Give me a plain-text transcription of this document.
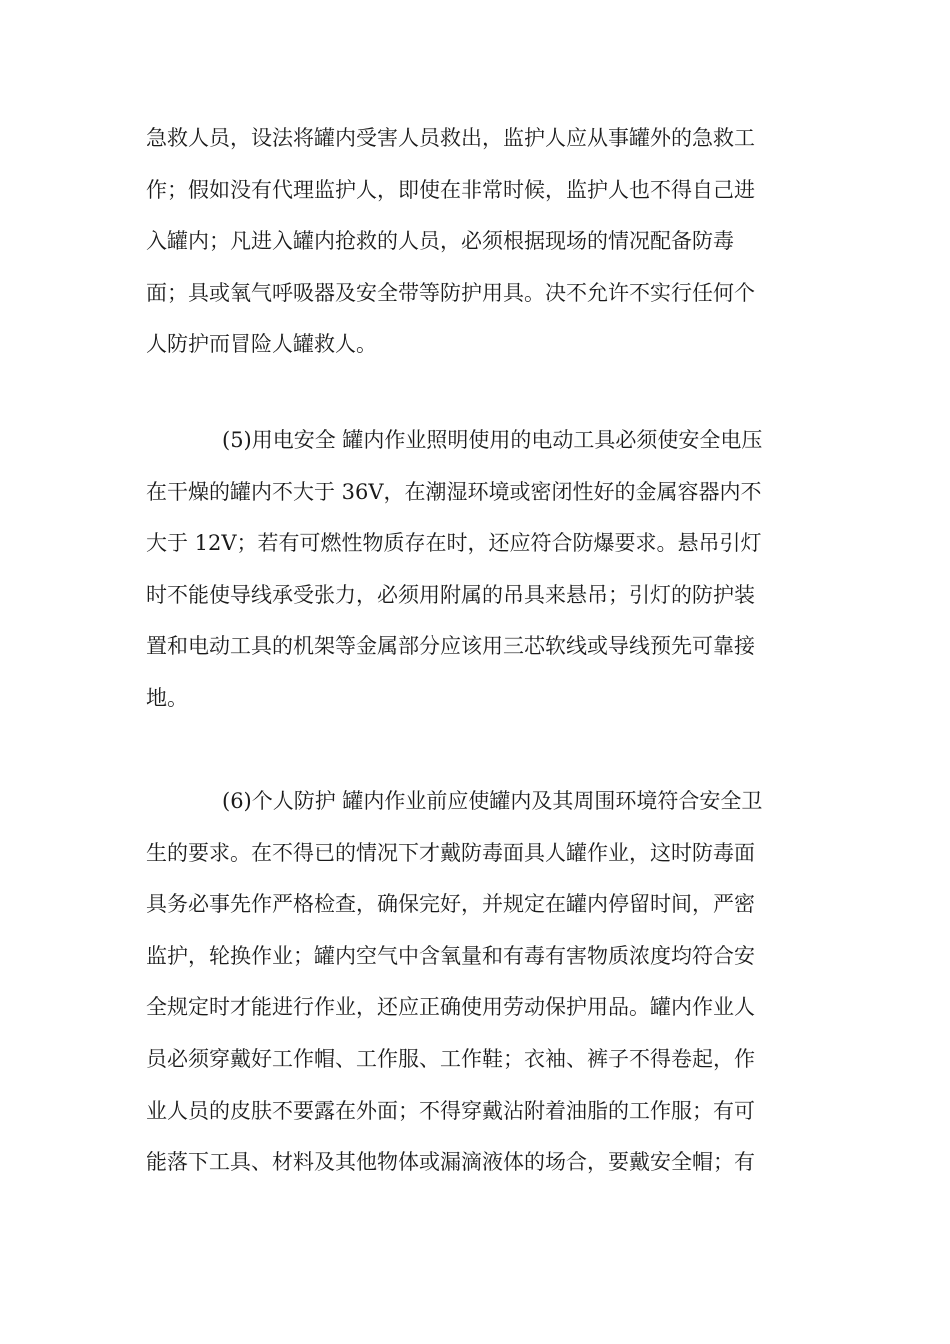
急救人员，设法将罐内受害人员救出，监护人应从事罐外的急救工
作；假如没有代理监护人，即使在非常时候，监护人也不得自己进
入罐内；凡进入罐内抢救的人员，必须根据现场的情况配备防毒
面；具或氧气呼吸器及安全带等防护用具。决不允许不实行任何个
人防护而冒险人罐救人。
(5)用电安全 罐内作业照明使用的电动工具必须使安全电压
在干燥的罐内不大于 36V，在潮湿环境或密闭性好的金属容器内不
大于 12V；若有可燃性物质存在时，还应符合防爆要求。悬吊引灯
时不能使导线承受张力，必须用附属的吊具来悬吊；引灯的防护装
置和电动工具的机架等金属部分应该用三芯软线或导线预先可靠接
地。
(6)个人防护 罐内作业前应使罐内及其周围环境符合安全卫
生的要求。在不得已的情况下才戴防毒面具人罐作业，这时防毒面
具务必事先作严格检查，确保完好，并规定在罐内停留时间，严密
监护，轮换作业；罐内空气中含氧量和有毒有害物质浓度均符合安
全规定时才能进行作业，还应正确使用劳动保护用品。罐内作业人
员必须穿戴好工作帽、工作服、工作鞋；衣袖、裤子不得卷起，作
业人员的皮肤不要露在外面；不得穿戴沾附着油脂的工作服；有可
能落下工具、材料及其他物体或漏滴液体的场合，要戴安全帽；有
